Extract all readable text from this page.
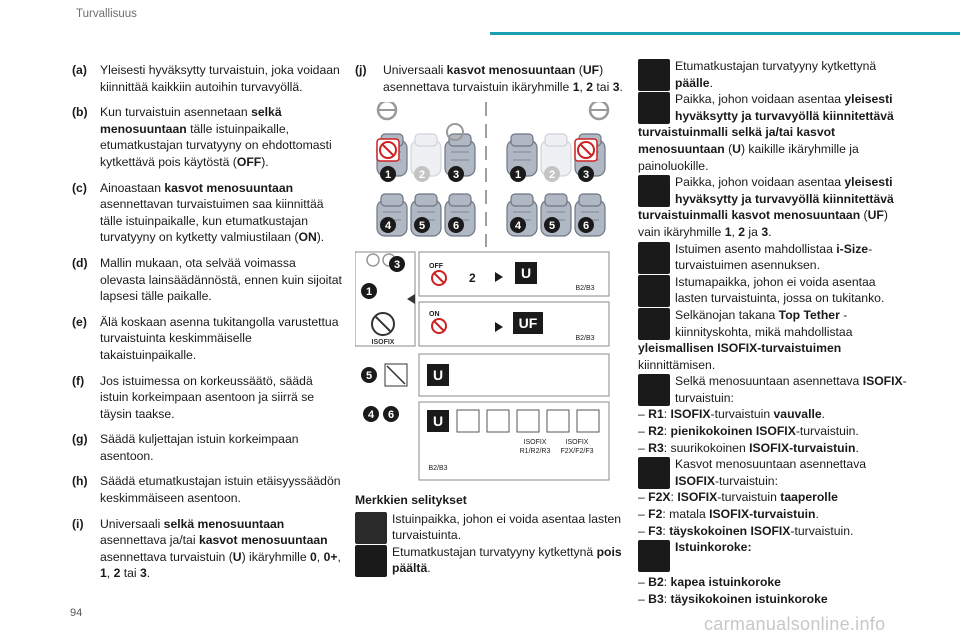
Turvallisuus
(a)	Yleisesti hyväksytty turvaistuin, joka voidaan kiinnittää kaikkiin autoihin turvavyöllä.
(b)	Kun turvaistuin asennetaan selkä menosuuntaan tälle istuinpaikalle, etumatkustajan turvatyyny on ehdottomasti kytkettävä pois käytöstä (OFF).
(c)	Ainoastaan kasvot menosuuntaan asennettavan turvaistuimen saa kiinnittää tälle istuinpaikalle, kun etumatkustajan turvatyyny on kytketty valmiustilaan (ON).
(d)	Mallin mukaan, ota selvää voimassa olevasta lainsäädännöstä, ennen kuin sijoitat lapsesi tälle paikalle.
(e)	Älä koskaan asenna tukitangolla varustettua turvaistuinta keskimmäiselle takaistuinpaikalle.
(f)	Jos istuimessa on korkeussäätö, säädä istuin korkeimpaan asentoon ja siirrä se täysin taakse.
(g)	Säädä kuljettajan istuin korkeimpaan asentoon.
(h)	Säädä etumatkustajan istuin etäisyyssäädön keskimmäiseen asentoon.
(i)	Universaali selkä menosuuntaan asennettava ja/tai kasvot menosuuntaan asennettava turvaistuin (U) ikäryhmille 0, 0+, 1, 2 tai 3.
(j)	Universaali kasvot menosuuntaan (UF) asennettava turvaistuin ikäryhmille 1, 2 tai 3.
1	2	3	1	2	3
4	5	6	4	5	6
3
1
ISOFIX
OFF
2	U
B2/B3
ON
UF
B2/B3
5	U
4 6	U
ISOFIX
R1/R2/R3
ISOFIX
F2X/F2/F3
B2/B3
Merkkien selitykset
Istuinpaikka, johon ei voida asentaa lasten turvaistuinta.
Etumatkustajan turvatyyny kytkettynä pois päältä.
Etumatkustajan turvatyyny kytkettynä päälle.
Paikka, johon voidaan asentaa yleisesti hyväksytty ja turvavyöllä kiinnitettävä turvaistuinmalli selkä ja/tai kasvot menosuuntaan (U) kaikille ikäryhmille ja painoluokille.
Paikka, johon voidaan asentaa yleisesti hyväksytty ja turvavyöllä kiinnitettävä turvaistuinmalli kasvot menosuuntaan (UF) vain ikäryhmille 1, 2 ja 3.
Istuimen asento mahdollistaa i-Size-turvaistuimen asennuksen.
Istumapaikka, johon ei voida asentaa lasten turvaistuinta, jossa on tukitanko.
Selkänojan takana Top Tether -kiinnityskohta, mikä mahdollistaa yleismallisen ISOFIX-turvaistuimen kiinnittämisen.
Selkä menosuuntaan asennettava ISOFIX-turvaistuin:
– R1: ISOFIX-turvaistuin vauvalle.
– R2: pienikokoinen ISOFIX-turvaistuin.
– R3: suurikokoinen ISOFIX-turvaistuin.
Kasvot menosuuntaan asennettava ISOFIX-turvaistuin:
– F2X: ISOFIX-turvaistuin taaperolle
– F2: matala ISOFIX-turvaistuin.
– F3: täyskokoinen ISOFIX-turvaistuin.
Istuinkorokе:
– B2: kapea istuinkoroke
– B3: täysikokoinen istuinkoroke
94
carmanualsonline.info
